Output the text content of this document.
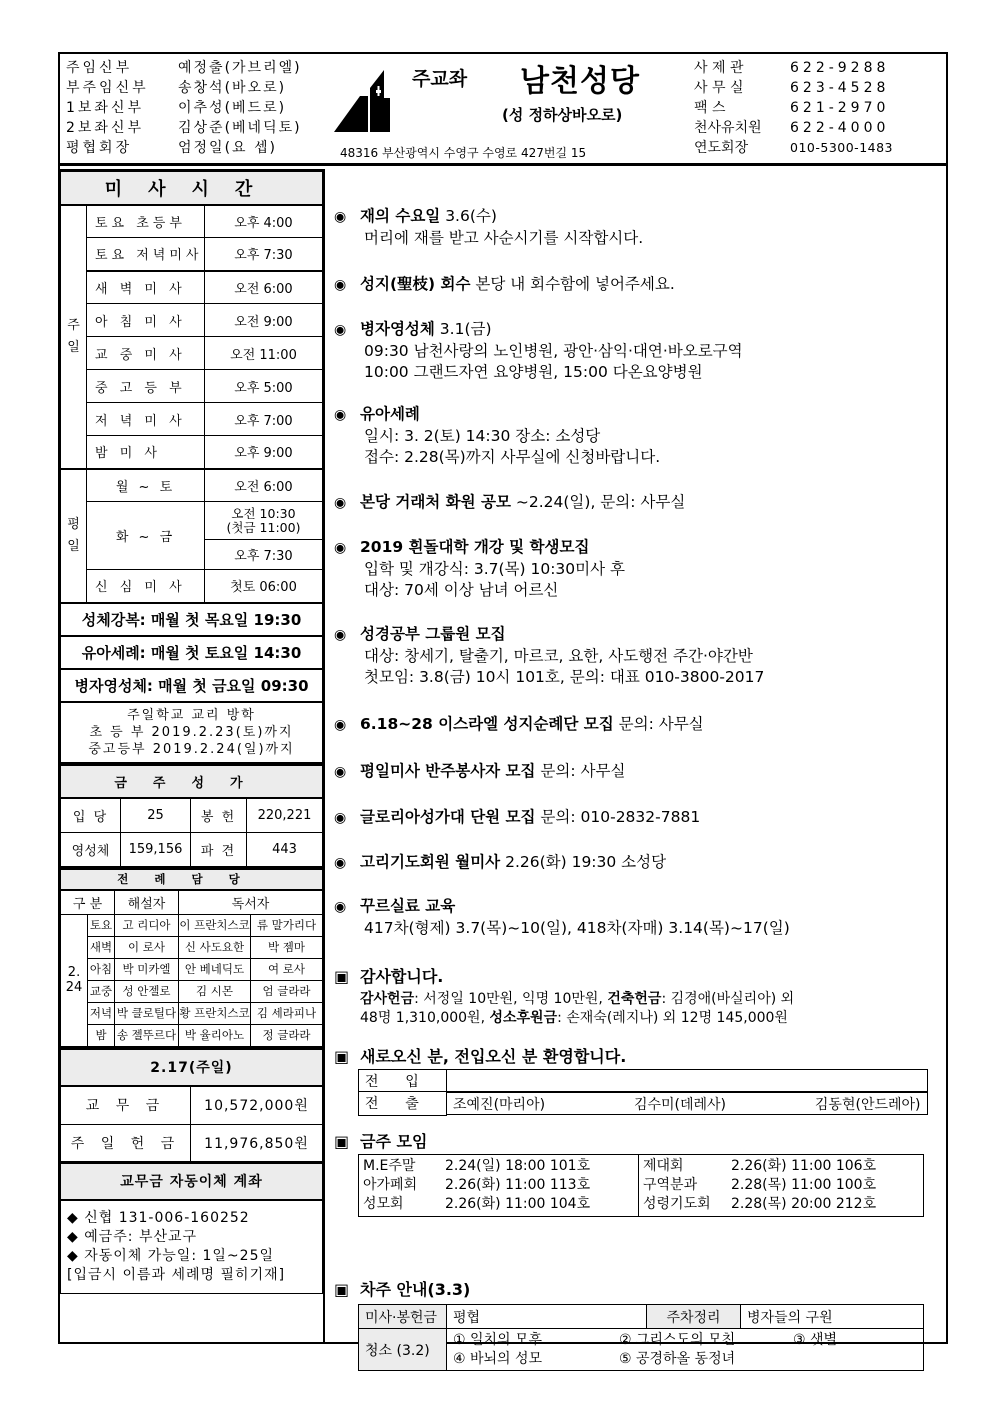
주임신부	예정출(가브리엘)
부주임신부	송창석(바오로)
1보좌신부	이추성(베드로)
2보좌신부	김상준(베네딕토)
평협회장	엄정일(요 셉)
주교좌 남천성당
(성 정하상바오로)
48316 부산광역시 수영구 수영로 427번길 15
사 제 관	622-9288
사 무 실	623-4528
팩 스	621-2970
천사유치원	622-4000
연도회장	010-5300-1483
미사시간		
주
일	토요 초등부	오후 4:00
	토요 저녁미사	오후 7:30
	새 벽 미 사	오전 6:00
	아 침 미 사	오전 9:00
	교 중 미 사	오전 11:00
	중 고 등 부	오후 5:00
	저 녁 미 사	오후 7:00
	밤 미 사	오후 9:00
평
일	월 ~ 토	오전 6:00
	화 ~ 금	오전 10:30
(첫금 11:00)
		오후 7:30
	신 심 미 사	첫토 06:00
성체강복: 매월 첫 목요일 19:30		
유아세례: 매월 첫 토요일 14:30		
병자영성체: 매월 첫 금요일 09:30		

주일학교 교리 방학
초 등 부 2019.2.23(토)까지
중고등부 2019.2.24(일)까지		
금주성가			
입 당	25	봉 헌	220,221
영성체	159,156	파 견	443
전례담당				
구 분		해설자	독서자	
2.
24	토요	고 리디아	이 프란치스코	류 말가리다
	새벽	이 로사	신 사도요한	박 젬마
	아침	박 미카엘	안 베네딕도	여 로사
	교중	성 안젤로	김 시몬	엄 글라라
	저녁	박 클로틸다	황 프란치스코	김 세라피나
	밤	송 젤뚜르다	박 율리아노	정 글라라
2.17(주일)	
교 무 금	10,572,000원
주 일 헌 금	11,976,850원
교무금 자동이체 계좌	

◆ 신협 131-006-160252
◆ 예금주: 부산교구
◆ 자동이체 가능일: 1일~25일
[입금시 이름과 세례명 필히기재]	
◉ 재의 수요일 3.6(수)
머리에 재를 받고 사순시기를 시작합시다.
◉ 성지(聖枝) 회수 본당 내 회수함에 넣어주세요.
◉ 병자영성체 3.1(금)
09:30 남천사랑의 노인병원, 광안·삼익·대연·바오로구역
10:00 그랜드자연 요양병원, 15:00 다온요양병원
◉ 유아세례
일시: 3. 2(토) 14:30 장소: 소성당
접수: 2.28(목)까지 사무실에 신청바랍니다.
◉ 본당 거래처 화원 공모 ~2.24(일), 문의: 사무실
◉ 2019 흰돌대학 개강 및 학생모집
입학 및 개강식: 3.7(목) 10:30미사 후
대상: 70세 이상 남녀 어르신
◉ 성경공부 그룹원 모집
대상: 창세기, 탈출기, 마르코, 요한, 사도행전 주간·야간반
첫모임: 3.8(금) 10시 101호, 문의: 대표 010-3800-2017
◉ 6.18~28 이스라엘 성지순례단 모집 문의: 사무실
◉ 평일미사 반주봉사자 모집 문의: 사무실
◉ 글로리아성가대 단원 모집 문의: 010-2832-7881
◉ 고리기도회원 월미사 2.26(화) 19:30 소성당
◉ 꾸르실료 교육
417차(형제) 3.7(목)~10(일), 418차(자매) 3.14(목)~17(일)
▣ 감사합니다.
감사헌금: 서정일 10만원, 익명 10만원, 건축헌금: 김경애(바실리아) 외
48명 1,310,000원, 성소후원금: 손재숙(레지나) 외 12명 145,000원
▣ 새로오신 분, 전입오신 분 환영합니다.
전      입	
전      출	조예진(마리아)	김수미(데레사)	김동현(안드레아)
▣ 금주 모임
M.E주말	2.24(일) 18:00 101호
아가페회	2.26(화) 11:00 113호
성모회	2.26(화) 11:00 104호

제대회	2.26(화) 11:00 106호
구역분과	2.28(목) 11:00 100호
성령기도회	2.28(목) 20:00 212호
▣ 차주 안내(3.3)
미사·봉헌금	평협	주차정리	병자들의 구원
청소 (3.2)	① 일치의 모후 ② 그리스도의 모친 ③ 샛별
④ 바뇌의 성모 ⑤ 공경하올 동정녀		
